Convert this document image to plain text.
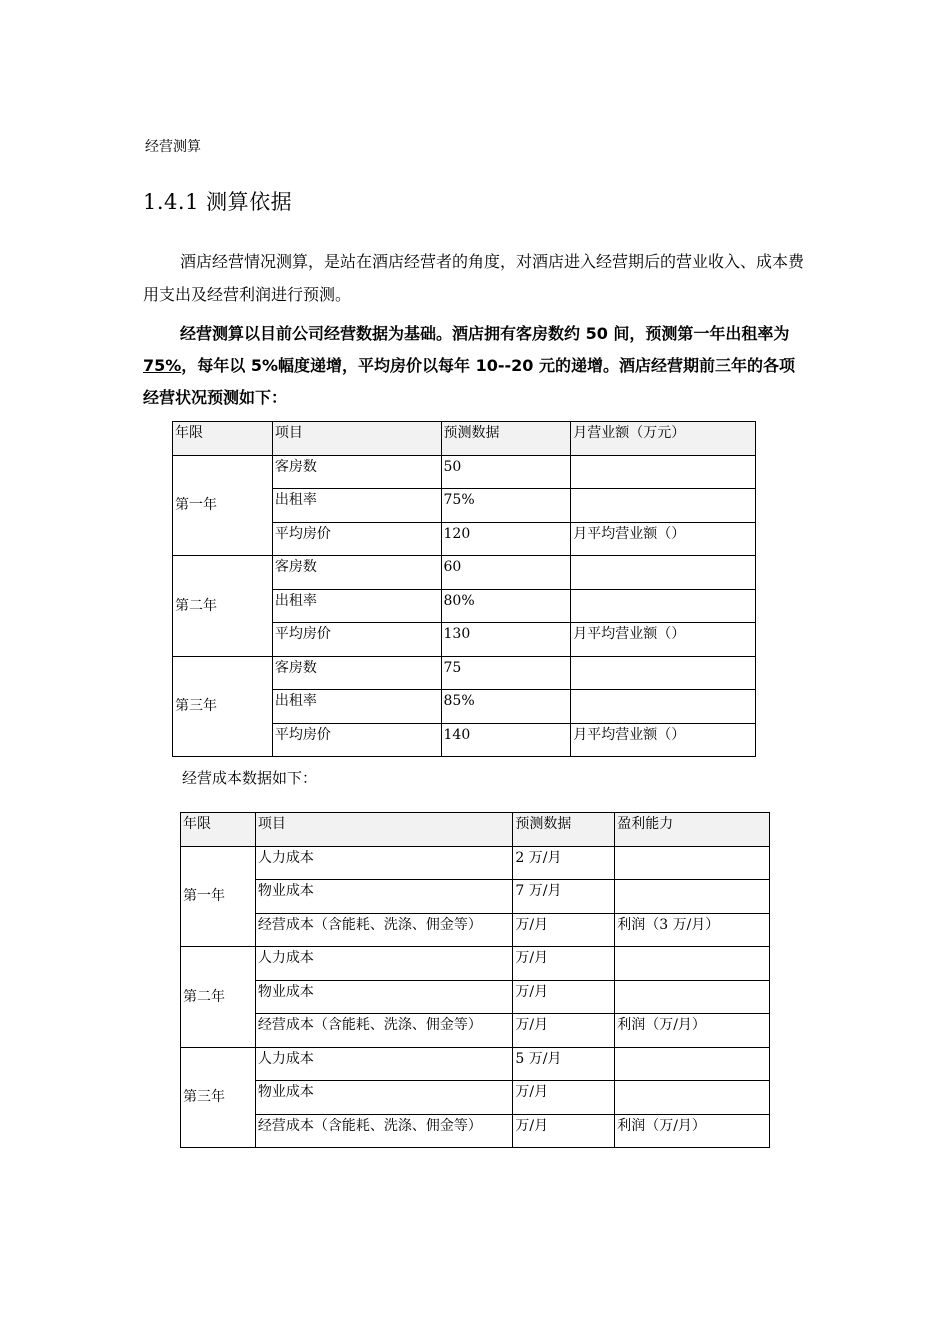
经营测算
1.4.1 测算依据
酒店经营情况测算，是站在酒店经营者的角度，对酒店进入经营期后的营业收入、成本费用支出及经营利润进行预测。
经营测算以目前公司经营数据为基础。酒店拥有客房数约 50 间，预测第一年出租率为 75%，每年以 5%幅度递增，平均房价以每年 10--20 元的递增。酒店经营期前三年的各项经营状况预测如下：
年限	项目	预测数据	月营业额（万元）
第一年	客房数	50	
	出租率	75%	
	平均房价	120	月平均营业额（）
第二年	客房数	60	
	出租率	80%	
	平均房价	130	月平均营业额（）
第三年	客房数	75	
	出租率	85%	
	平均房价	140	月平均营业额（）
经营成本数据如下：
年限	项目	预测数据	盈利能力
第一年	人力成本	2 万/月	
	物业成本	7 万/月	
	经营成本（含能耗、洗涤、佣金等）	万/月	利润（3 万/月）
第二年	人力成本	万/月	
	物业成本	万/月	
	经营成本（含能耗、洗涤、佣金等）	万/月	利润（万/月）
第三年	人力成本	5 万/月	
	物业成本	万/月	
	经营成本（含能耗、洗涤、佣金等）	万/月	利润（万/月）
